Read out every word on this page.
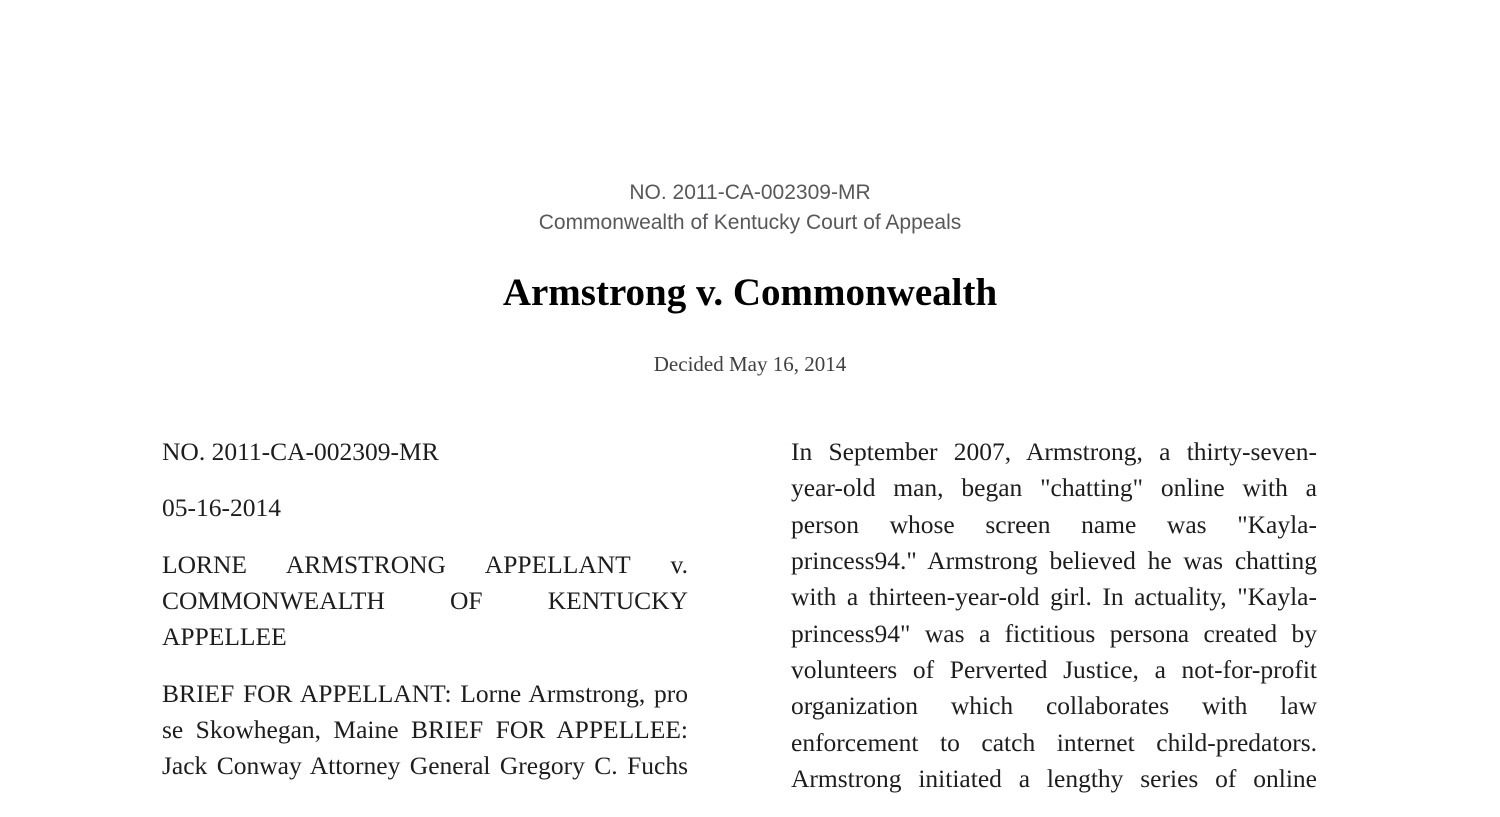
NO. 2011-CA-002309-MR
Commonwealth of Kentucky Court of Appeals
Armstrong v. Commonwealth
Decided May 16, 2014

NO. 2011-CA-002309-MR

05-16-2014

LORNE ARMSTRONG APPELLANT v. COMMONWEALTH OF KENTUCKY APPELLEE

BRIEF FOR APPELLANT: Lorne Armstrong, pro se Skowhegan, Maine BRIEF FOR APPELLEE: Jack Conway Attorney General Gregory C. Fuchs

In September 2007, Armstrong, a thirty-seven-year-old man, began "chatting" online with a person whose screen name was "Kayla-princess94." Armstrong believed he was chatting with a thirteen-year-old girl. In actuality, "Kayla-princess94" was a fictitious persona created by volunteers of Perverted Justice, a not-for-profit organization which collaborates with law enforcement to catch internet child-predators. Armstrong initiated a lengthy series of online
